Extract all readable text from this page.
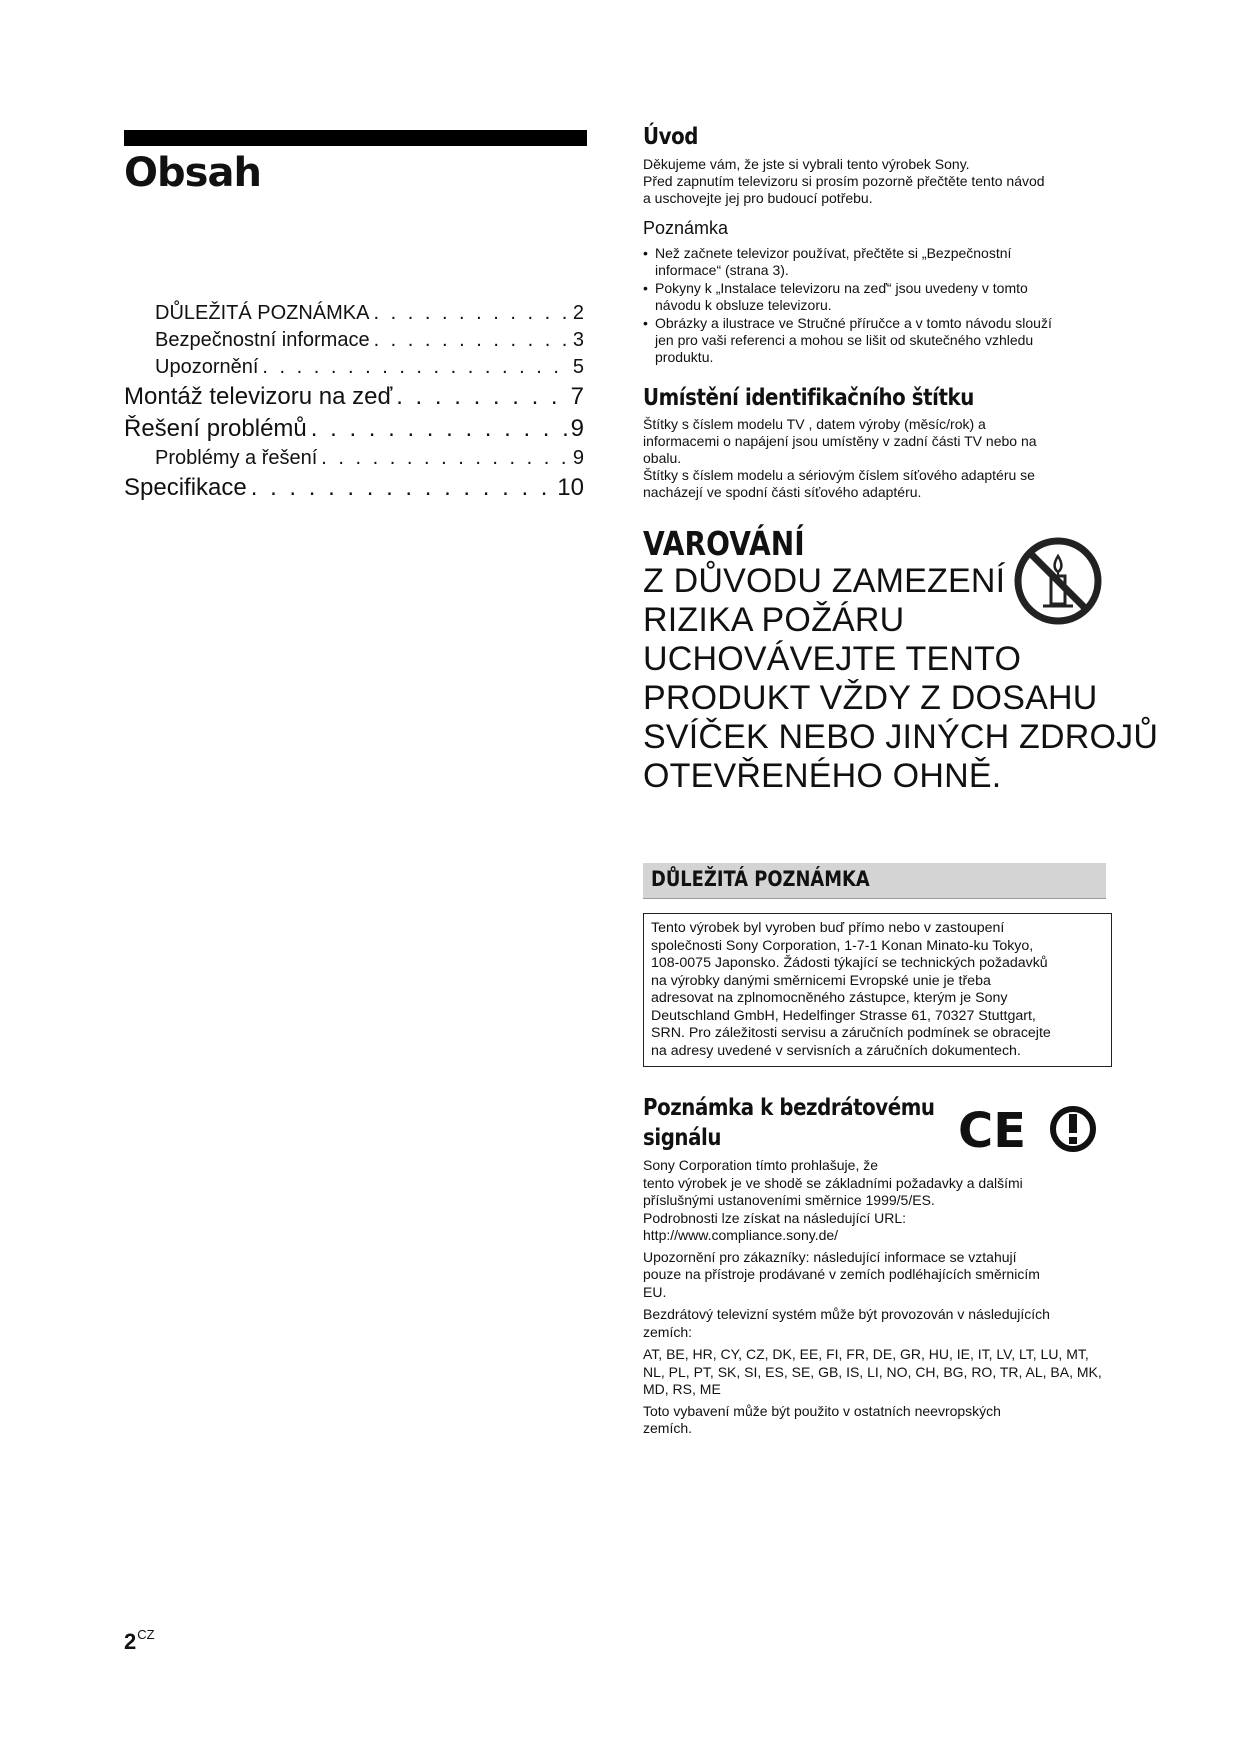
Obsah
DŮLEŽITÁ POZNÁMKA . . .	2
Bezpečnostní informace . . .	3
Upozornění . . .	5
Montáž televizoru na zeď . . .	7
Řešení problémů . . .	9
Problémy a řešení . . .	9
Specifikace . . .	10
$2^{CZ}$
Úvod
Děkujeme vám, že jste si vybrali tento výrobek Sony.
Před zapnutím televizoru si prosím pozorně přečtěte tento návod
a uschovejte jej pro budoucí potřebu.
Poznámka
• Než začnete televizor používat, přečtěte si „Bezpečnostní
informace“ (strana 3).
• Pokyny k „Instalace televizoru na zeď“ jsou uvedeny v tomto
návodu k obsluze televizoru.
• Obrázky a ilustrace ve Stručné příručce a v tomto návodu slouží
jen pro vaši referenci a mohou se lišit od skutečného vzhledu
produktu.
Umístění identifikačního štítku
Štítky s číslem modelu TV , datem výroby (měsíc/rok) a
informacemi o napájení jsou umístěny v zadní části TV nebo na
obalu.
Štítky s číslem modelu a sériovým číslem síťového adaptéru se
nacházejí ve spodní části síťového adaptéru.
VAROVÁNÍ
Z DŮVODU ZAMEZENÍ
RIZIKA POŽÁRU
UCHOVÁVEJTE TENTO
PRODUKT VŽDY Z DOSAHU
SVÍČEK NEBO JINÝCH ZDROJŮ
OTEVŘENÉHO OHNĚ.
DŮLEŽITÁ POZNÁMKA
Tento výrobek byl vyroben buď přímo nebo v zastoupení
společnosti Sony Corporation, 1-7-1 Konan Minato-ku Tokyo,
108-0075 Japonsko. Žádosti týkající se technických požadavků
na výrobky danými směrnicemi Evropské unie je třeba
adresovat na zplnomocněného zástupce, kterým je Sony
Deutschland GmbH, Hedelfinger Strasse 61, 70327 Stuttgart,
SRN. Pro záležitosti servisu a záručních podmínek se obracejte
na adresy uvedené v servisních a záručních dokumentech.
Poznámka k bezdrátovému
signálu	CE
Sony Corporation tímto prohlašuje, že
tento výrobek je ve shodě se základními požadavky a dalšími
příslušnými ustanoveními směrnice 1999/5/ES.
Podrobnosti lze získat na následující URL:
http://www.compliance.sony.de/
Upozornění pro zákazníky: následující informace se vztahují
pouze na přístroje prodávané v zemích podléhajících směrnicím
EU.
Bezdrátový televizní systém může být provozován v následujících
zemích:
AT, BE, HR, CY, CZ, DK, EE, FI, FR, DE, GR, HU, IE, IT, LV, LT, LU, MT,
NL, PL, PT, SK, SI, ES, SE, GB, IS, LI, NO, CH, BG, RO, TR, AL, BA, MK,
MD, RS, ME
Toto vybavení může být použito v ostatních neevropských
zemích.
